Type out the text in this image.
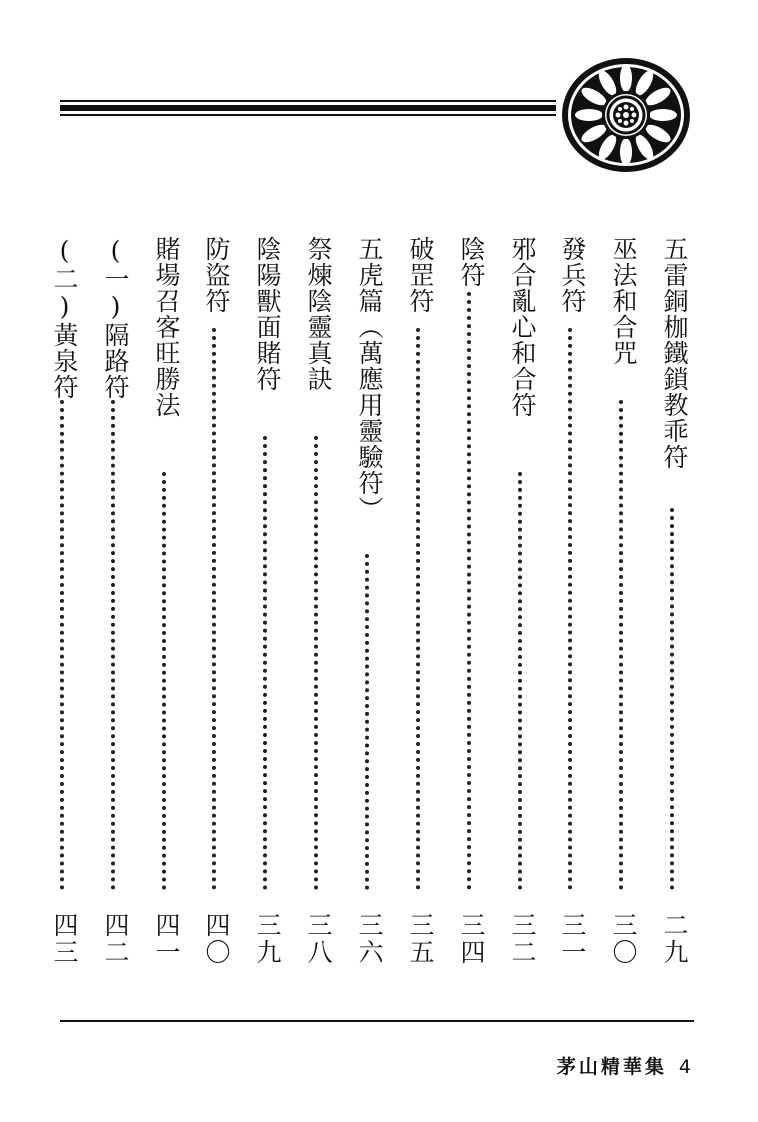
五雷銅枷鐵鎖教乖符
二九
巫法和合咒
三〇
發兵符
三一
邪合亂心和合符
三二
陰符
三四
破罡符
三五
五虎篇（萬應用靈驗符）
三六
祭煉陰靈真訣
三八
陰陽獸面賭符
三九
防盜符
四〇
賭場召客旺勝法
四一
(一)隔路符
四二
(二)黃泉符
四三
茅山精華集 4
